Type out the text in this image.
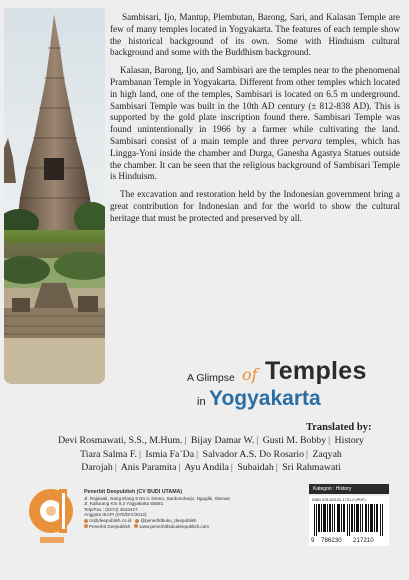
Sambisari, Ijo, Mantup, Plembutan, Barong, Sari, and Kalasan Temple are few of many temples located in Yogyakarta. The features of each temple show the historical background of its own. Some with Hinduism cultural background and some with the Buddhism background.

Kalasan, Barong, Ijo, and Sambisari are the temples near to the phenomenal Prambanan Temple in Yogyakarta. Different from other temples which located in high land, one of the temples, Sambisari is located on 6.5 m underground. Sambisari Temple was built in the 10th AD century (± 812-838 AD). This is supported by the gold plate inscription found there. Sambisari Temple was found unintentionally in 1966 by a farmer while cultivating the land. Sambisari consist of a main temple and three pervara temples, which has Lingga-Yoni inside the chamber and Durga, Ganesha Agastya Statues outside the chamber. It can be seen that the religious background of Sambisari Temple is Hinduism.

The excavation and restoration held by the Indonesian government bring a great contribution for Indonesian and for the world to show the cultural heritage that must be protected and preserved by all.

A Glimpse of Temples
in Yogyakarta
Translated by:
Devi Rosmawati, S.S., M.Hum. | Bijay Damar W. | Gusti M. Bobby | History
Tiara Salma F. | Ismia Fa`Da | Salvador A.S. Do Rosario | Zaqyah
Darojah | Anis Paramita | Ayu Andila | Subaidah | Sri Rahmawati
Penerbit Deepublish (CV BUDI UTAMA)
Jl. Rajawali, Gang Elang 6 No.3, Drono, Sardonoharjo, Ngaglik, Sleman
Jl. Kaliurang Km 9,3 Yogyakarta 55581
Telp/Fax : (0274) 4533427
Anggota IKAPI (076/DIY/2012)
cs@deepublish.co.id @penerbitbuku_deepublish
Penerbit Deepublish www.penerbitbukudeepublish.com
Kategori : History
ISBN 978-623-02-1721-0 (PDF)
9 786230 217210
